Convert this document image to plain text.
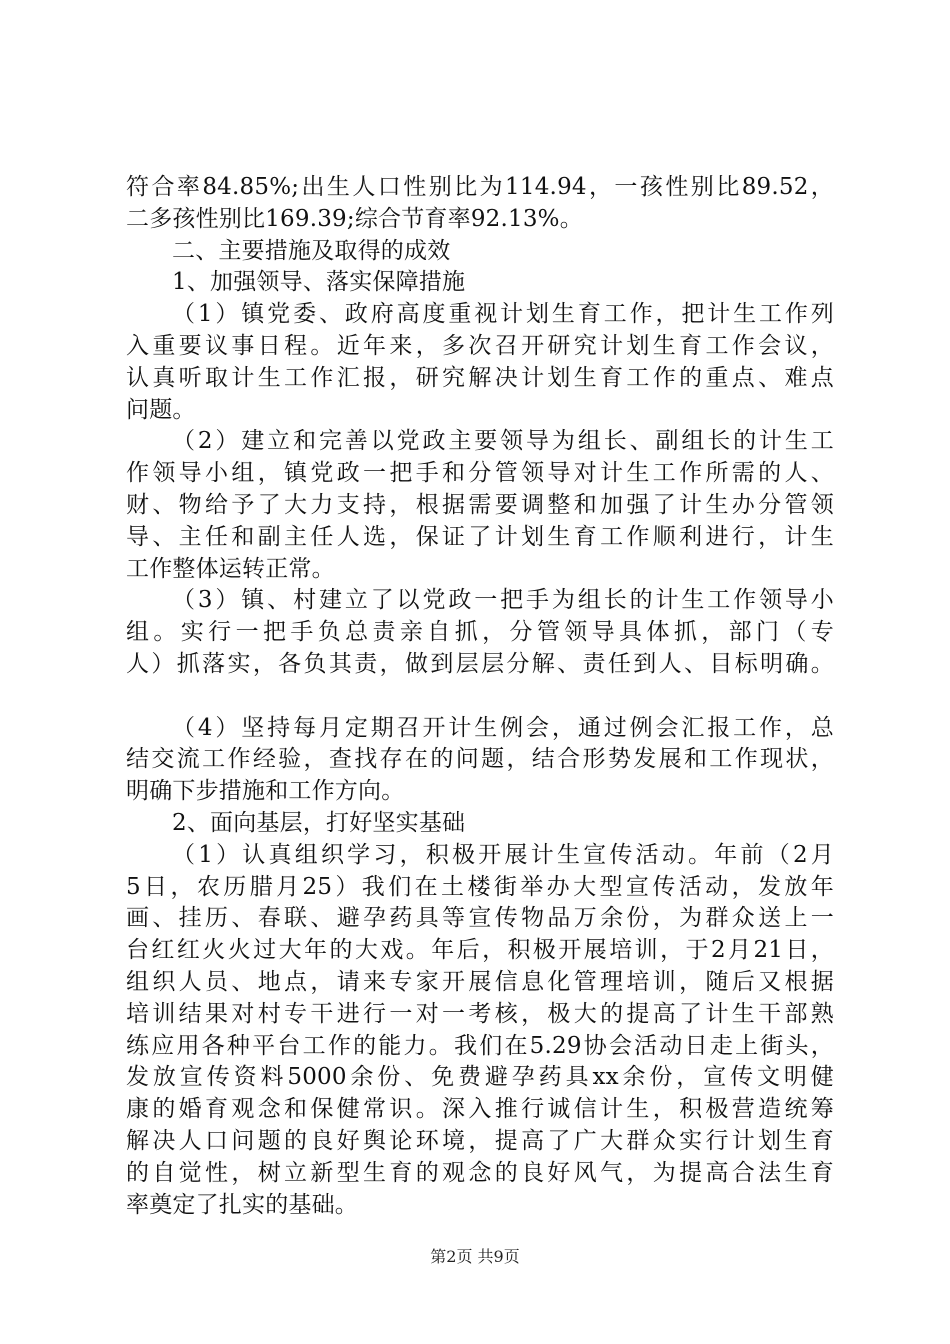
符合率84.85%;出生人口性别比为114.94，一孩性别比89.52，
二多孩性别比169.39;综合节育率92.13%。
二、主要措施及取得的成效
1、加强领导、落实保障措施
（1）镇党委、政府高度重视计划生育工作，把计生工作列
入重要议事日程。近年来，多次召开研究计划生育工作会议，
认真听取计生工作汇报，研究解决计划生育工作的重点、难点
问题。
（2）建立和完善以党政主要领导为组长、副组长的计生工
作领导小组，镇党政一把手和分管领导对计生工作所需的人、
财、物给予了大力支持，根据需要调整和加强了计生办分管领
导、主任和副主任人选，保证了计划生育工作顺利进行，计生
工作整体运转正常。
（3）镇、村建立了以党政一把手为组长的计生工作领导小
组。实行一把手负总责亲自抓，分管领导具体抓，部门（专
人）抓落实，各负其责，做到层层分解、责任到人、目标明确。
（4）坚持每月定期召开计生例会，通过例会汇报工作，总
结交流工作经验，查找存在的问题，结合形势发展和工作现状，
明确下步措施和工作方向。
2、面向基层，打好坚实基础
（1）认真组织学习，积极开展计生宣传活动。年前（2月
5日，农历腊月25）我们在土楼街举办大型宣传活动，发放年
画、挂历、春联、避孕药具等宣传物品万余份，为群众送上一
台红红火火过大年的大戏。年后，积极开展培训，于2月21日，
组织人员、地点，请来专家开展信息化管理培训，随后又根据
培训结果对村专干进行一对一考核，极大的提高了计生干部熟
练应用各种平台工作的能力。我们在5.29协会活动日走上街头，
发放宣传资料5000余份、免费避孕药具xx余份，宣传文明健
康的婚育观念和保健常识。深入推行诚信计生，积极营造统筹
解决人口问题的良好舆论环境，提高了广大群众实行计划生育
的自觉性，树立新型生育的观念的良好风气，为提高合法生育
率奠定了扎实的基础。
第2页 共9页
